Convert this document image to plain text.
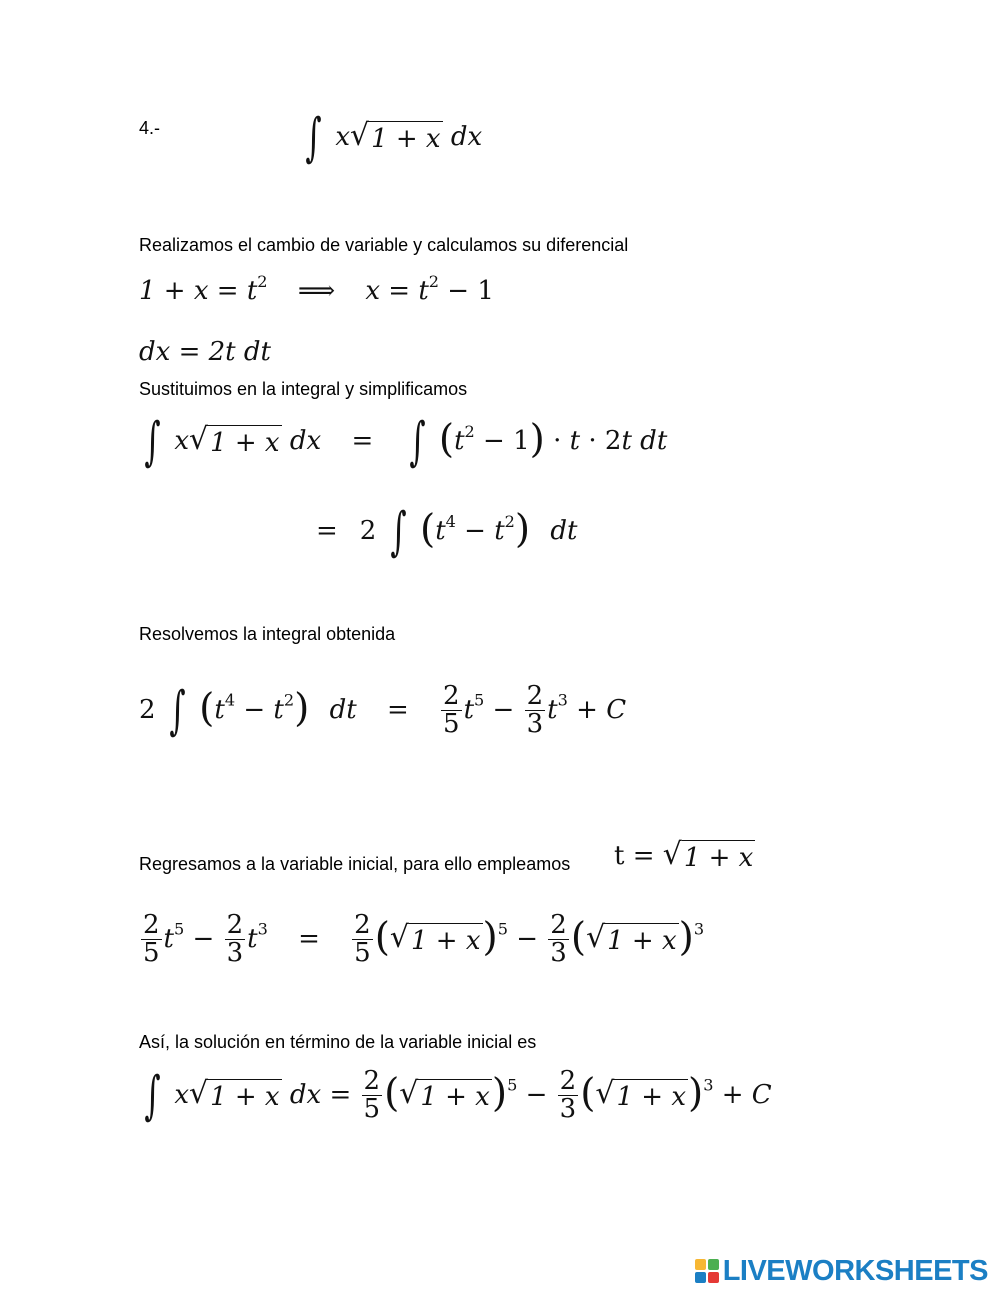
4.-	∫ x √ 1 + x dx
Realizamos el cambio de variable y calculamos su diferencial
$1 + x = t^2$ ⟹ $x = t^2 - 1$
dx = 2t dt
Sustituimos en la integral y simplificamos
∫ x √ 1 + x dx = ∫ $(t^2 - 1) \cdot t \cdot 2t$ dt
= 2 ∫ $(t^4 - t^2)$ dt
Resolvemos la integral obtenida
2 ∫ $(t^4 - t^2)$ dt = $\frac{2}{5} t^5 - \frac{2}{3} t^3 + C$
Regresamos a la variable inicial, para ello empleamos t = √ 1 + x
$\frac{2}{5} t^5 - \frac{2}{3} t^3 = \frac{2}{5}$ ( √ 1 + x )$^5 - \frac{2}{3}$ ( √ 1 + x )$^3$
Así, la solución en término de la variable inicial es
∫ x √ 1 + x dx = $\frac{2}{5}$ ( √ 1 + x )$^5 - \frac{2}{3}$ ( √ 1 + x )$^3$ + C
LIVEWORKSHEETS
